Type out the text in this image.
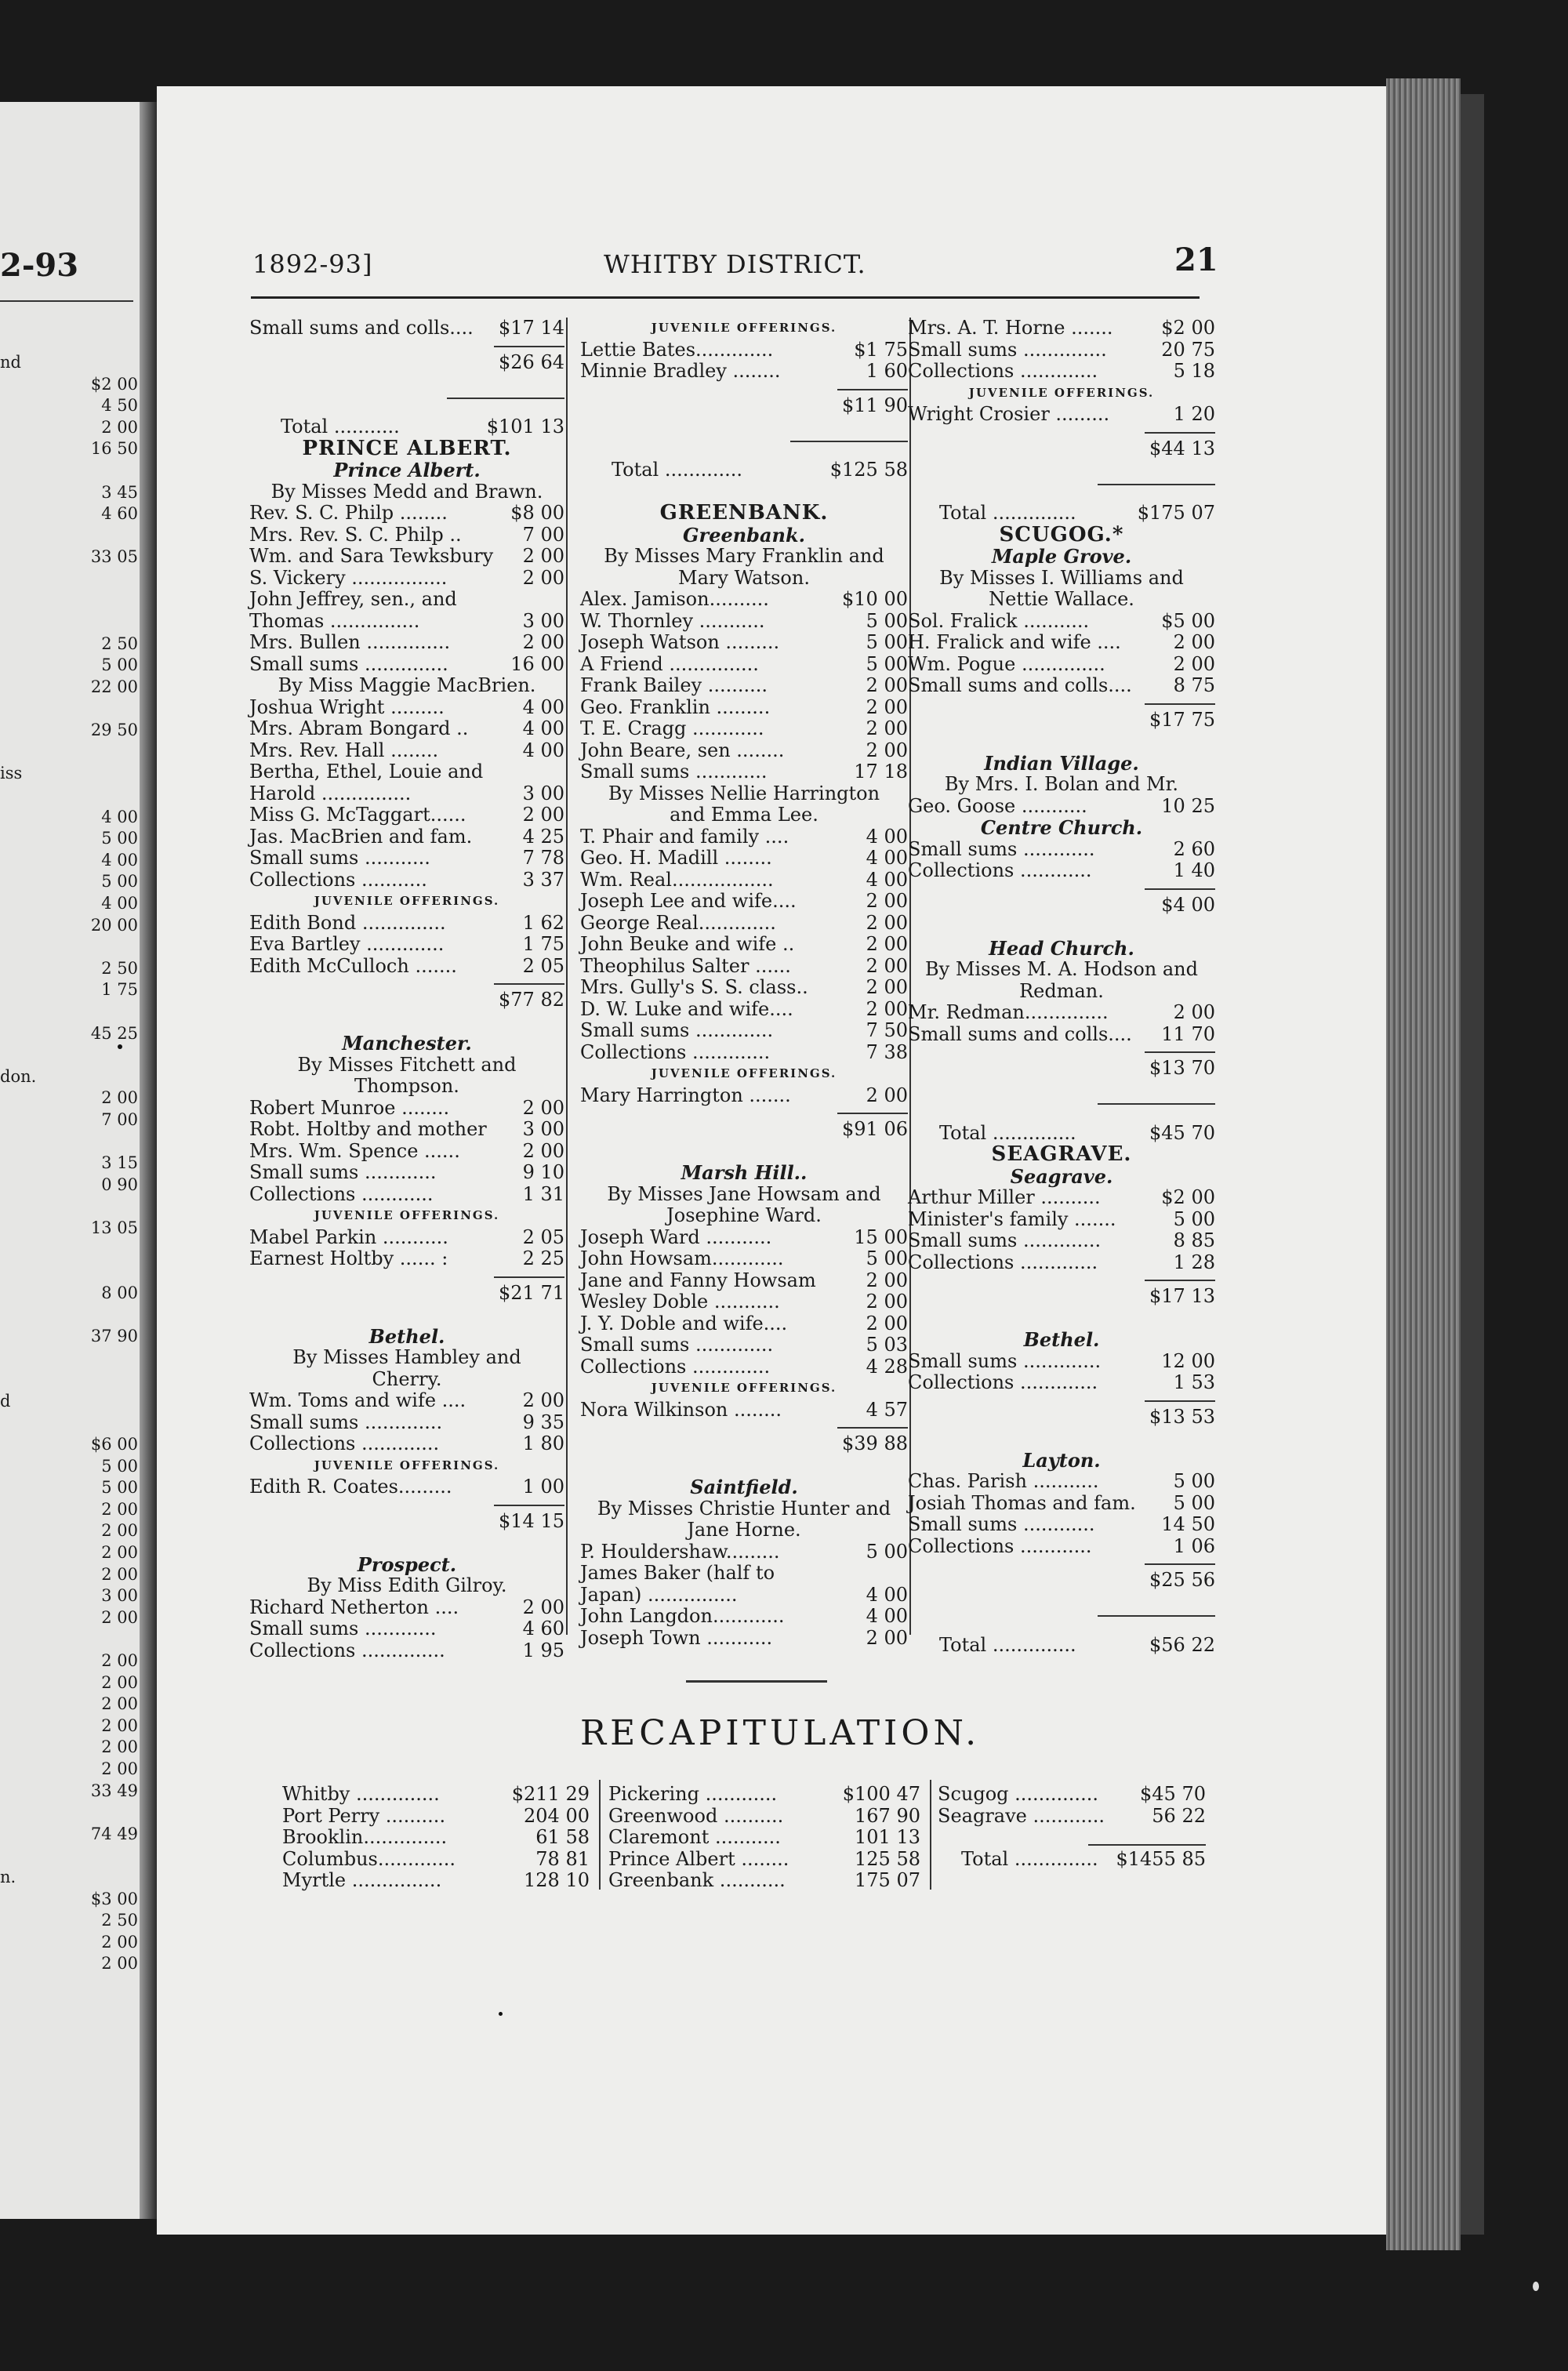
2-93
nd
$2 00
4 50
2 00
16 50
3 45
4 60
33 05
2 50
5 00
22 00
29 50
iss
4 00
5 00
4 00
5 00
4 00
20 00
2 50
1 75
45 25
don.
2 00
7 00
3 15
0 90
13 05
8 00
37 90
d
$6 00
5 00
5 00
2 00
2 00
2 00
2 00
3 00
2 00
2 00
2 00
2 00
2 00
2 00
2 00
33 49
74 49
n.
$3 00
2 50
2 00
2 00
1892-93]	WHITBY DISTRICT.	21
Small sums and colls.... $17 14
$26 64
Total ...........	$101 13
PRINCE ALBERT.
Prince Albert.
By Misses Medd and Brawn.
Rev. S. C. Philp ........	$8 00
Mrs. Rev. S. C. Philp ..	7 00
Wm. and Sara Tewksbury 2 00
S. Vickery ................	2 00
John Jeffrey, sen., and
Thomas ...............	3 00
Mrs. Bullen ..............	2 00
Small sums ..............	16 00
By Miss Maggie MacBrien.
Joshua Wright .........	4 00
Mrs. Abram Bongard ..	4 00
Mrs. Rev. Hall ........	4 00
Bertha, Ethel, Louie and
Harold ...............	3 00
Miss G. McTaggart......	2 00
Jas. MacBrien and fam.	4 25
Small sums ...........	7 78
Collections ...........	3 37
JUVENILE OFFERINGS.
Edith Bond ..............	1 62
Eva Bartley .............	1 75
Edith McCulloch .......	2 05
$77 82
Manchester.
By Misses Fitchett and
Thompson.
Robert Munroe ........	2 00
Robt. Holtby and mother 3 00
Mrs. Wm. Spence ......	2 00
Small sums ............	9 10
Collections ............	1 31
JUVENILE OFFERINGS.
Mabel Parkin ...........	2 05
Earnest Holtby ...... :	2 25
$21 71
Bethel.
By Misses Hambley and
Cherry.
Wm. Toms and wife ....	2 00
Small sums .............	9 35
Collections .............	1 80
JUVENILE OFFERINGS.
Edith R. Coates.........	1 00
$14 15
Prospect.
By Miss Edith Gilroy.
Richard Netherton ....	2 00
Small sums ............	4 60
Collections ..............	1 95
JUVENILE OFFERINGS.
Lettie Bates.............	$1 75
Minnie Bradley ........	1 60
$11 90
Total .............	$125 58
GREENBANK.
Greenbank.
By Misses Mary Franklin and
Mary Watson.
Alex. Jamison..........	$10 00
W. Thornley ...........	5 00
Joseph Watson .........	5 00
A Friend ...............	5 00
Frank Bailey ..........	2 00
Geo. Franklin .........	2 00
T. E. Cragg ............	2 00
John Beare, sen ........	2 00
Small sums ............	17 18
By Misses Nellie Harrington
and Emma Lee.
T. Phair and family ....	4 00
Geo. H. Madill ........	4 00
Wm. Real.................	4 00
Joseph Lee and wife....	2 00
George Real.............	2 00
John Beuke and wife ..	2 00
Theophilus Salter ......	2 00
Mrs. Gully's S. S. class..	2 00
D. W. Luke and wife....	2 00
Small sums .............	7 50
Collections .............	7 38
JUVENILE OFFERINGS.
Mary Harrington .......	2 00
$91 06
Marsh Hill..
By Misses Jane Howsam and
Josephine Ward.
Joseph Ward ...........	15 00
John Howsam............	5 00
Jane and Fanny Howsam	2 00
Wesley Doble ...........	2 00
J. Y. Doble and wife....	2 00
Small sums .............	5 03
Collections .............	4 28
JUVENILE OFFERINGS.
Nora Wilkinson ........	4 57
$39 88
Saintfield.
By Misses Christie Hunter and
Jane Horne.
P. Houldershaw.........	5 00
James Baker (half to
Japan) ...............	4 00
John Langdon............	4 00
Joseph Town ...........	2 00
Mrs. A. T. Horne .......	$2 00
Small sums ..............	20 75
Collections .............	5 18
JUVENILE OFFERINGS.
Wright Crosier .........	1 20
$44 13
Total ..............	$175 07
SCUGOG.*
Maple Grove.
By Misses I. Williams and
Nettie Wallace.
Sol. Fralick ...........	$5 00
H. Fralick and wife ....	2 00
Wm. Pogue ..............	2 00
Small sums and colls.... 8 75
$17 75
Indian Village.
By Mrs. I. Bolan and Mr.
Geo. Goose ...........	10 25
Centre Church.
Small sums ............	2 60
Collections ............	1 40
$4 00
Head Church.
By Misses M. A. Hodson and
Redman.
Mr. Redman..............	2 00
Small sums and colls.... 11 70
$13 70
Total ..............	$45 70
SEAGRAVE.
Seagrave.
Arthur Miller ..........	$2 00
Minister's family .......	5 00
Small sums .............	8 85
Collections .............	1 28
$17 13
Bethel.
Small sums .............	12 00
Collections .............	1 53
$13 53
Layton.
Chas. Parish ...........	5 00
Josiah Thomas and fam. 5 00
Small sums ............	14 50
Collections ............	1 06
$25 56
Total ..............	$56 22
RECAPITULATION.
Whitby ..............	$211 29
Port Perry ..........	204 00
Brooklin..............	61 58
Columbus.............	78 81
Myrtle ...............	128 10
Pickering ............	$100 47
Greenwood ..........	167 90
Claremont ...........	101 13
Prince Albert ........	125 58
Greenbank ...........	175 07
Scugog .............. $45 70
Seagrave ............	56 22
Total .............. $1455 85
